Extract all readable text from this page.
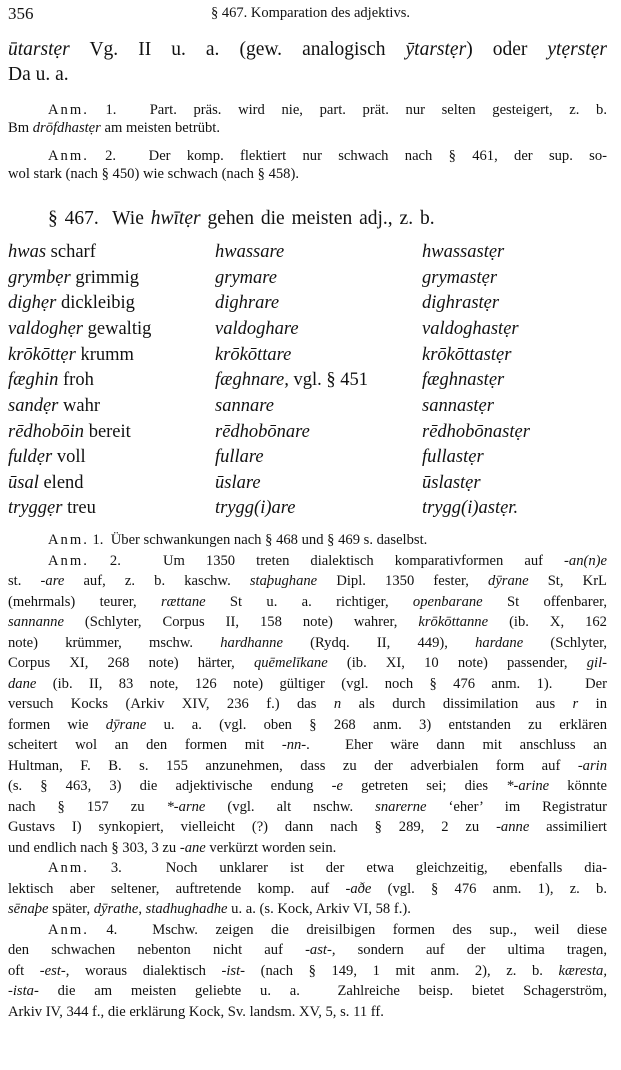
356	§ 467. Komparation des adjektivs.
ūtarstẹr Vg. II u. a. (gew. analogisch ȳtarstẹr) oder ytẹrstẹr
Da u. a.
Anm. 1.  Part. präs. wird nie, part. prät. nur selten gesteigert, z. b.
Bm drōfdhastẹr am meisten betrübt.
Anm. 2.  Der komp. flektiert nur schwach nach § 461, der sup. so-
wol stark (nach § 450) wie schwach (nach § 458).
§ 467.  Wie hwītẹr gehen die meisten adj., z. b.
hwas scharf	hwassare	hwassastẹr
grymbẹr grimmig	grymare	grymastẹr
dighẹr dickleibig	dighrare	dighrastẹr
valdoghẹr gewaltig	valdoghare	valdoghastẹr
krōkōttẹr krumm	krōkōttare	krōkōttastẹr
fæghin froh	fæghnare, vgl. § 451	fæghnastẹr
sandẹr wahr	sannare	sannastẹr
rēdhobōin bereit	rēdhobōnare	rēdhobōnastẹr
fuldẹr voll	fullare	fullastẹr
ūsal elend	ūslare	ūslastẹr
tryggẹr treu	trygg(i)are	trygg(i)astẹr.
Anm. 1.  Über schwankungen nach § 468 und § 469 s. daselbst.
Anm. 2.  Um 1350 treten dialektisch komparativformen auf -an(n)e
st. -are auf, z. b. kaschw. staþughane Dipl. 1350 fester, dȳrane St, KrL
(mehrmals) teurer, rættane St u. a. richtiger, openbarane St offenbarer,
sannanne (Schlyter, Corpus II, 158 note) wahrer, krōkōttanne (ib. X, 162
note) krümmer, mschw. hardhanne (Rydq. II, 449), hardane (Schlyter,
Corpus XI, 268 note) härter, quēmelīkane (ib. XI, 10 note) passender, gil-
dane (ib. II, 83 note, 126 note) gültiger (vgl. noch § 476 anm. 1).  Der
versuch Kocks (Arkiv XIV, 236 f.) das n als durch dissimilation aus r in
formen wie dȳrane u. a. (vgl. oben § 268 anm. 3) entstanden zu erklären
scheitert wol an den formen mit -nn-.  Eher wäre dann mit anschluss an
Hultman, F. B. s. 155 anzunehmen, dass zu der adverbialen form auf -arin
(s. § 463, 3) die adjektivische endung -e getreten sei; dies *-arine könnte
nach § 157 zu *-arne (vgl. alt nschw. snarerne ‘eher’ im Registratur
Gustavs I) synkopiert, vielleicht (?) dann nach § 289, 2 zu -anne assimiliert
und endlich nach § 303, 3 zu -ane verkürzt worden sein.
Anm. 3.  Noch unklarer ist der etwa gleichzeitig, ebenfalls dia-
lektisch aber seltener, auftretende komp. auf -aðe (vgl. § 476 anm. 1), z. b.
sēnaþe später, dȳrathe, stadhughadhe u. a. (s. Kock, Arkiv VI, 58 f.).
Anm. 4.  Mschw. zeigen die dreisilbigen formen des sup., weil diese
den schwachen nebenton nicht auf -ast-, sondern auf der ultima tragen,
oft -est-, woraus dialektisch -ist- (nach § 149, 1 mit anm. 2), z. b. kæresta,
-ista- die am meisten geliebte u. a.  Zahlreiche beisp. bietet Schagerström,
Arkiv IV, 344 f., die erklärung Kock, Sv. landsm. XV, 5, s. 11 ff.
